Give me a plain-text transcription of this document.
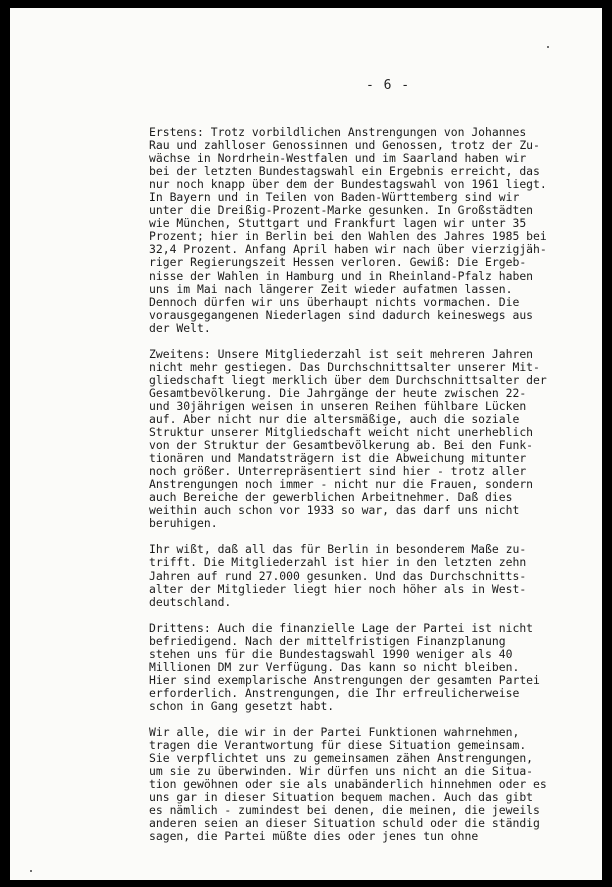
- 6 -
Erstens: Trotz vorbildlichen Anstrengungen von Johannes
Rau und zahlloser Genossinnen und Genossen, trotz der Zu-
wächse in Nordrhein-Westfalen und im Saarland haben wir
bei der letzten Bundestagswahl ein Ergebnis erreicht, das
nur noch knapp über dem der Bundestagswahl von 1961 liegt.
In Bayern und in Teilen von Baden-Württemberg sind wir
unter die Dreißig-Prozent-Marke gesunken. In Großstädten
wie München, Stuttgart und Frankfurt lagen wir unter 35
Prozent; hier in Berlin bei den Wahlen des Jahres 1985 bei
32,4 Prozent. Anfang April haben wir nach über vierzigjäh-
riger Regierungszeit Hessen verloren. Gewiß: Die Ergeb-
nisse der Wahlen in Hamburg und in Rheinland-Pfalz haben
uns im Mai nach längerer Zeit wieder aufatmen lassen.
Dennoch dürfen wir uns überhaupt nichts vormachen. Die
vorausgegangenen Niederlagen sind dadurch keineswegs aus
der Welt.
Zweitens: Unsere Mitgliederzahl ist seit mehreren Jahren
nicht mehr gestiegen. Das Durchschnittsalter unserer Mit-
gliedschaft liegt merklich über dem Durchschnittsalter der
Gesamtbevölkerung. Die Jahrgänge der heute zwischen 22-
und 30jährigen weisen in unseren Reihen fühlbare Lücken
auf. Aber nicht nur die altersmäßige, auch die soziale
Struktur unserer Mitgliedschaft weicht nicht unerheblich
von der Struktur der Gesamtbevölkerung ab. Bei den Funk-
tionären und Mandatsträgern ist die Abweichung mitunter
noch größer. Unterrepräsentiert sind hier - trotz aller
Anstrengungen noch immer - nicht nur die Frauen, sondern
auch Bereiche der gewerblichen Arbeitnehmer. Daß dies
weithin auch schon vor 1933 so war, das darf uns nicht
beruhigen.
Ihr wißt, daß all das für Berlin in besonderem Maße zu-
trifft. Die Mitgliederzahl ist hier in den letzten zehn
Jahren auf rund 27.000 gesunken. Und das Durchschnitts-
alter der Mitglieder liegt hier noch höher als in West-
deutschland.
Drittens: Auch die finanzielle Lage der Partei ist nicht
befriedigend. Nach der mittelfristigen Finanzplanung
stehen uns für die Bundestagswahl 1990 weniger als 40
Millionen DM zur Verfügung. Das kann so nicht bleiben.
Hier sind exemplarische Anstrengungen der gesamten Partei
erforderlich. Anstrengungen, die Ihr erfreulicherweise
schon in Gang gesetzt habt.
Wir alle, die wir in der Partei Funktionen wahrnehmen,
tragen die Verantwortung für diese Situation gemeinsam.
Sie verpflichtet uns zu gemeinsamen zähen Anstrengungen,
um sie zu überwinden. Wir dürfen uns nicht an die Situa-
tion gewöhnen oder sie als unabänderlich hinnehmen oder es
uns gar in dieser Situation bequem machen. Auch das gibt
es nämlich - zumindest bei denen, die meinen, die jeweils
anderen seien an dieser Situation schuld oder die ständig
sagen, die Partei müßte dies oder jenes tun ohne
